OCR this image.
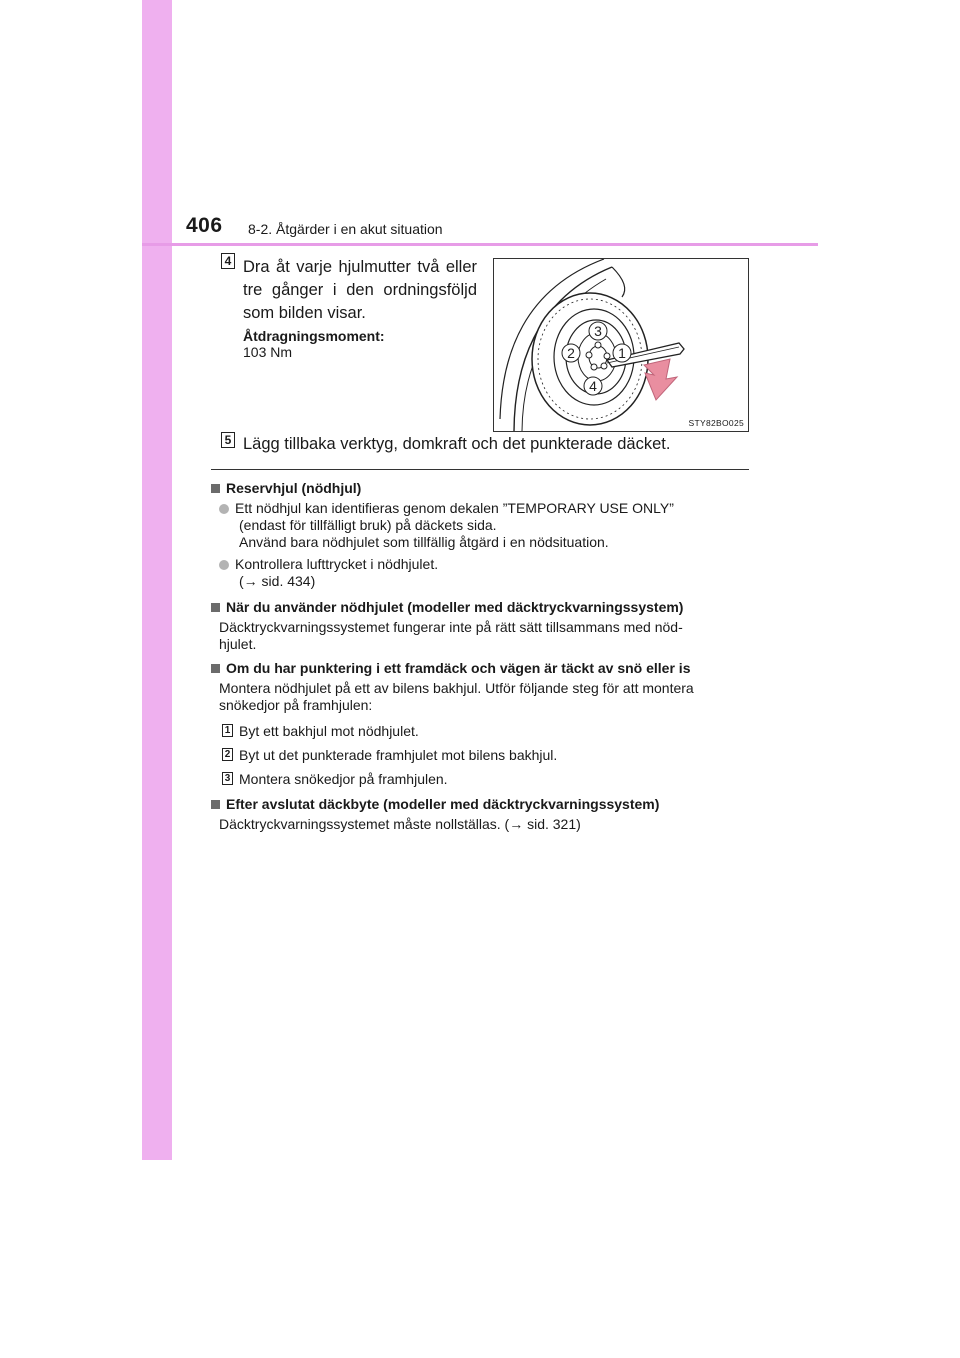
406 8-2. Åtgärder i en akut situation
4 Dra åt varje hjulmutter två eller tre gånger i den ordningsföljd som bilden visar.
Åtdragningsmoment:
103 Nm
3
2	1
4
STY82BO025
5 Lägg tillbaka verktyg, domkraft och det punkterade däcket.
Reservhjul (nödhjul)
Ett nödhjul kan identifieras genom dekalen ”TEMPORARY USE ONLY”
(endast för tillfälligt bruk) på däckets sida.
Använd bara nödhjulet som tillfällig åtgärd i en nödsituation.
Kontrollera lufttrycket i nödhjulet.
(→ sid. 434)
När du använder nödhjulet (modeller med däcktryckvarningssystem)
Däcktryckvarningssystemet fungerar inte på rätt sätt tillsammans med nöd-
hjulet.
Om du har punktering i ett framdäck och vägen är täckt av snö eller is
Montera nödhjulet på ett av bilens bakhjul. Utför följande steg för att montera
snökedjor på framhjulen:
1 Byt ett bakhjul mot nödhjulet.
2 Byt ut det punkterade framhjulet mot bilens bakhjul.
3 Montera snökedjor på framhjulen.
Efter avslutat däckbyte (modeller med däcktryckvarningssystem)
Däcktryckvarningssystemet måste nollställas. (→ sid. 321)
